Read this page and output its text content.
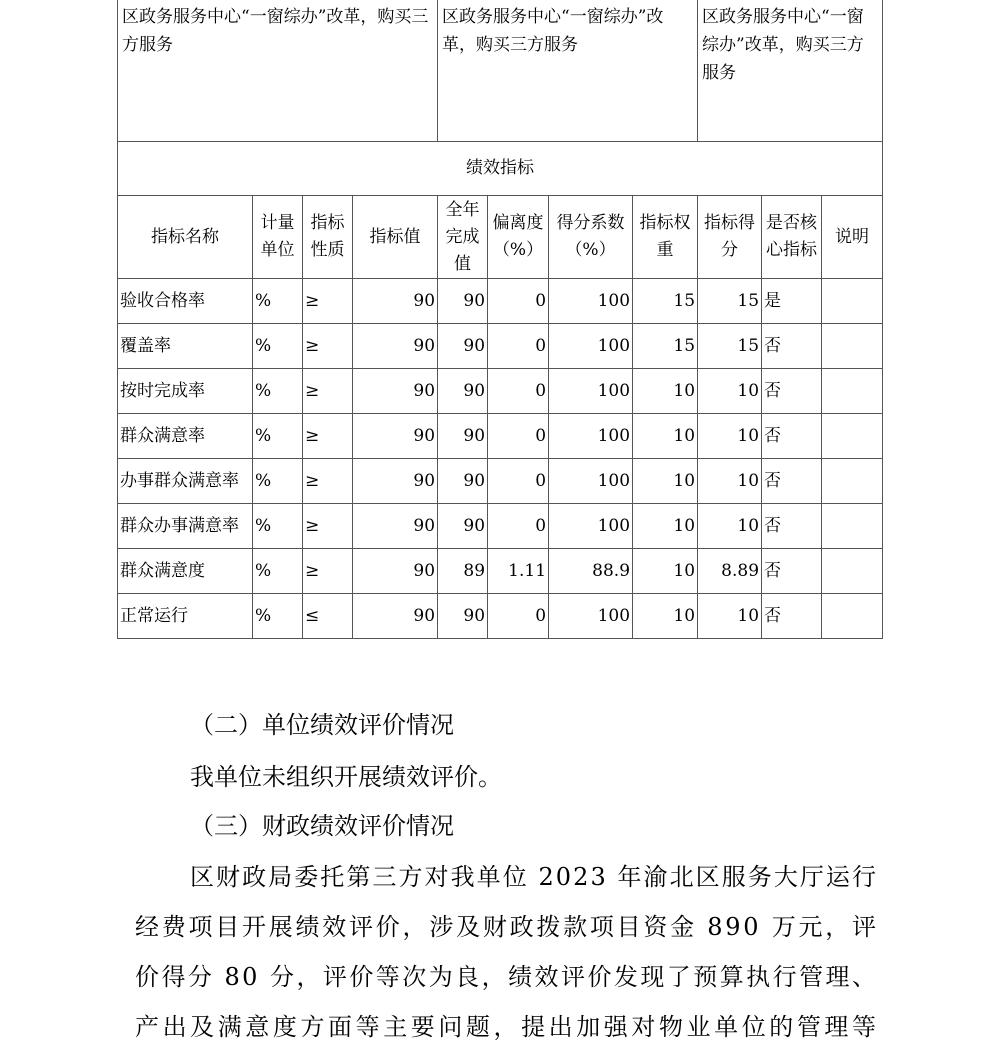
区政务服务中心“一窗综办”改革，购买三方服务				区政务服务中心“一窗综办”改革，购买三方服务				区政务服务中心“一窗综办”改革，购买三方服务		

绩效指标										
指标名称	计量单位	指标性质	指标值	全年完成值	偏离度（%）	得分系数（%）	指标权重	指标得分	是否核心指标	说明
验收合格率	%	≥	90	90	0	100	15	15	是	
覆盖率	%	≥	90	90	0	100	15	15	否	
按时完成率	%	≥	90	90	0	100	10	10	否	
群众满意率	%	≥	90	90	0	100	10	10	否	
办事群众满意率	%	≥	90	90	0	100	10	10	否	
群众办事满意率	%	≥	90	90	0	100	10	10	否	
群众满意度	%	≥	90	89	1.11	88.9	10	8.89	否	
正常运行	%	≤	90	90	0	100	10	10	否	
（二）单位绩效评价情况
我单位未组织开展绩效评价。
（三）财政绩效评价情况
区财政局委托第三方对我单位 2023 年渝北区服务大厅运行
经费项目开展绩效评价，涉及财政拨款项目资金 890 万元，评
价得分 80 分，评价等次为良，绩效评价发现了预算执行管理、
产出及满意度方面等主要问题，提出加强对物业单位的管理等
